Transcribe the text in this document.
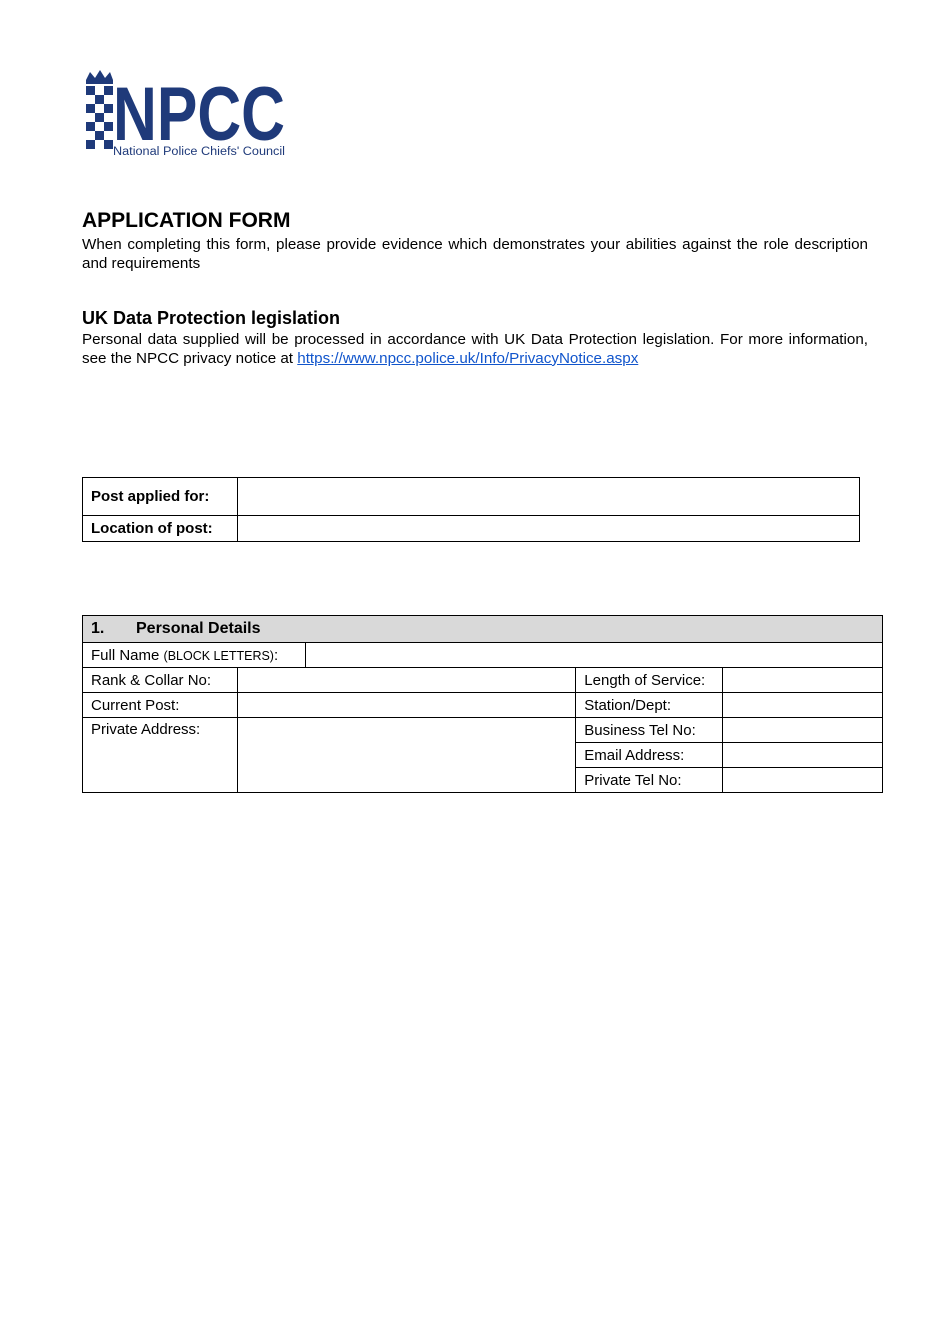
NPCC
National Police Chiefs' Council
APPLICATION FORM

When completing this form, please provide evidence which demonstrates your abilities against the role description and requirements

UK Data Protection legislation

Personal data supplied will be processed in accordance with UK Data Protection legislation. For more information, see the NPCC privacy notice at https://www.npcc.police.uk/Info/PrivacyNotice.aspx

Post applied for:	
Location of post:	
1. Personal Details				
Full Name (BLOCK LETTERS):				
Rank & Collar No:			Length of Service:	
Current Post:			Station/Dept:	
Private Address:			Business Tel No:	
			Email Address:	
			Private Tel No:	
